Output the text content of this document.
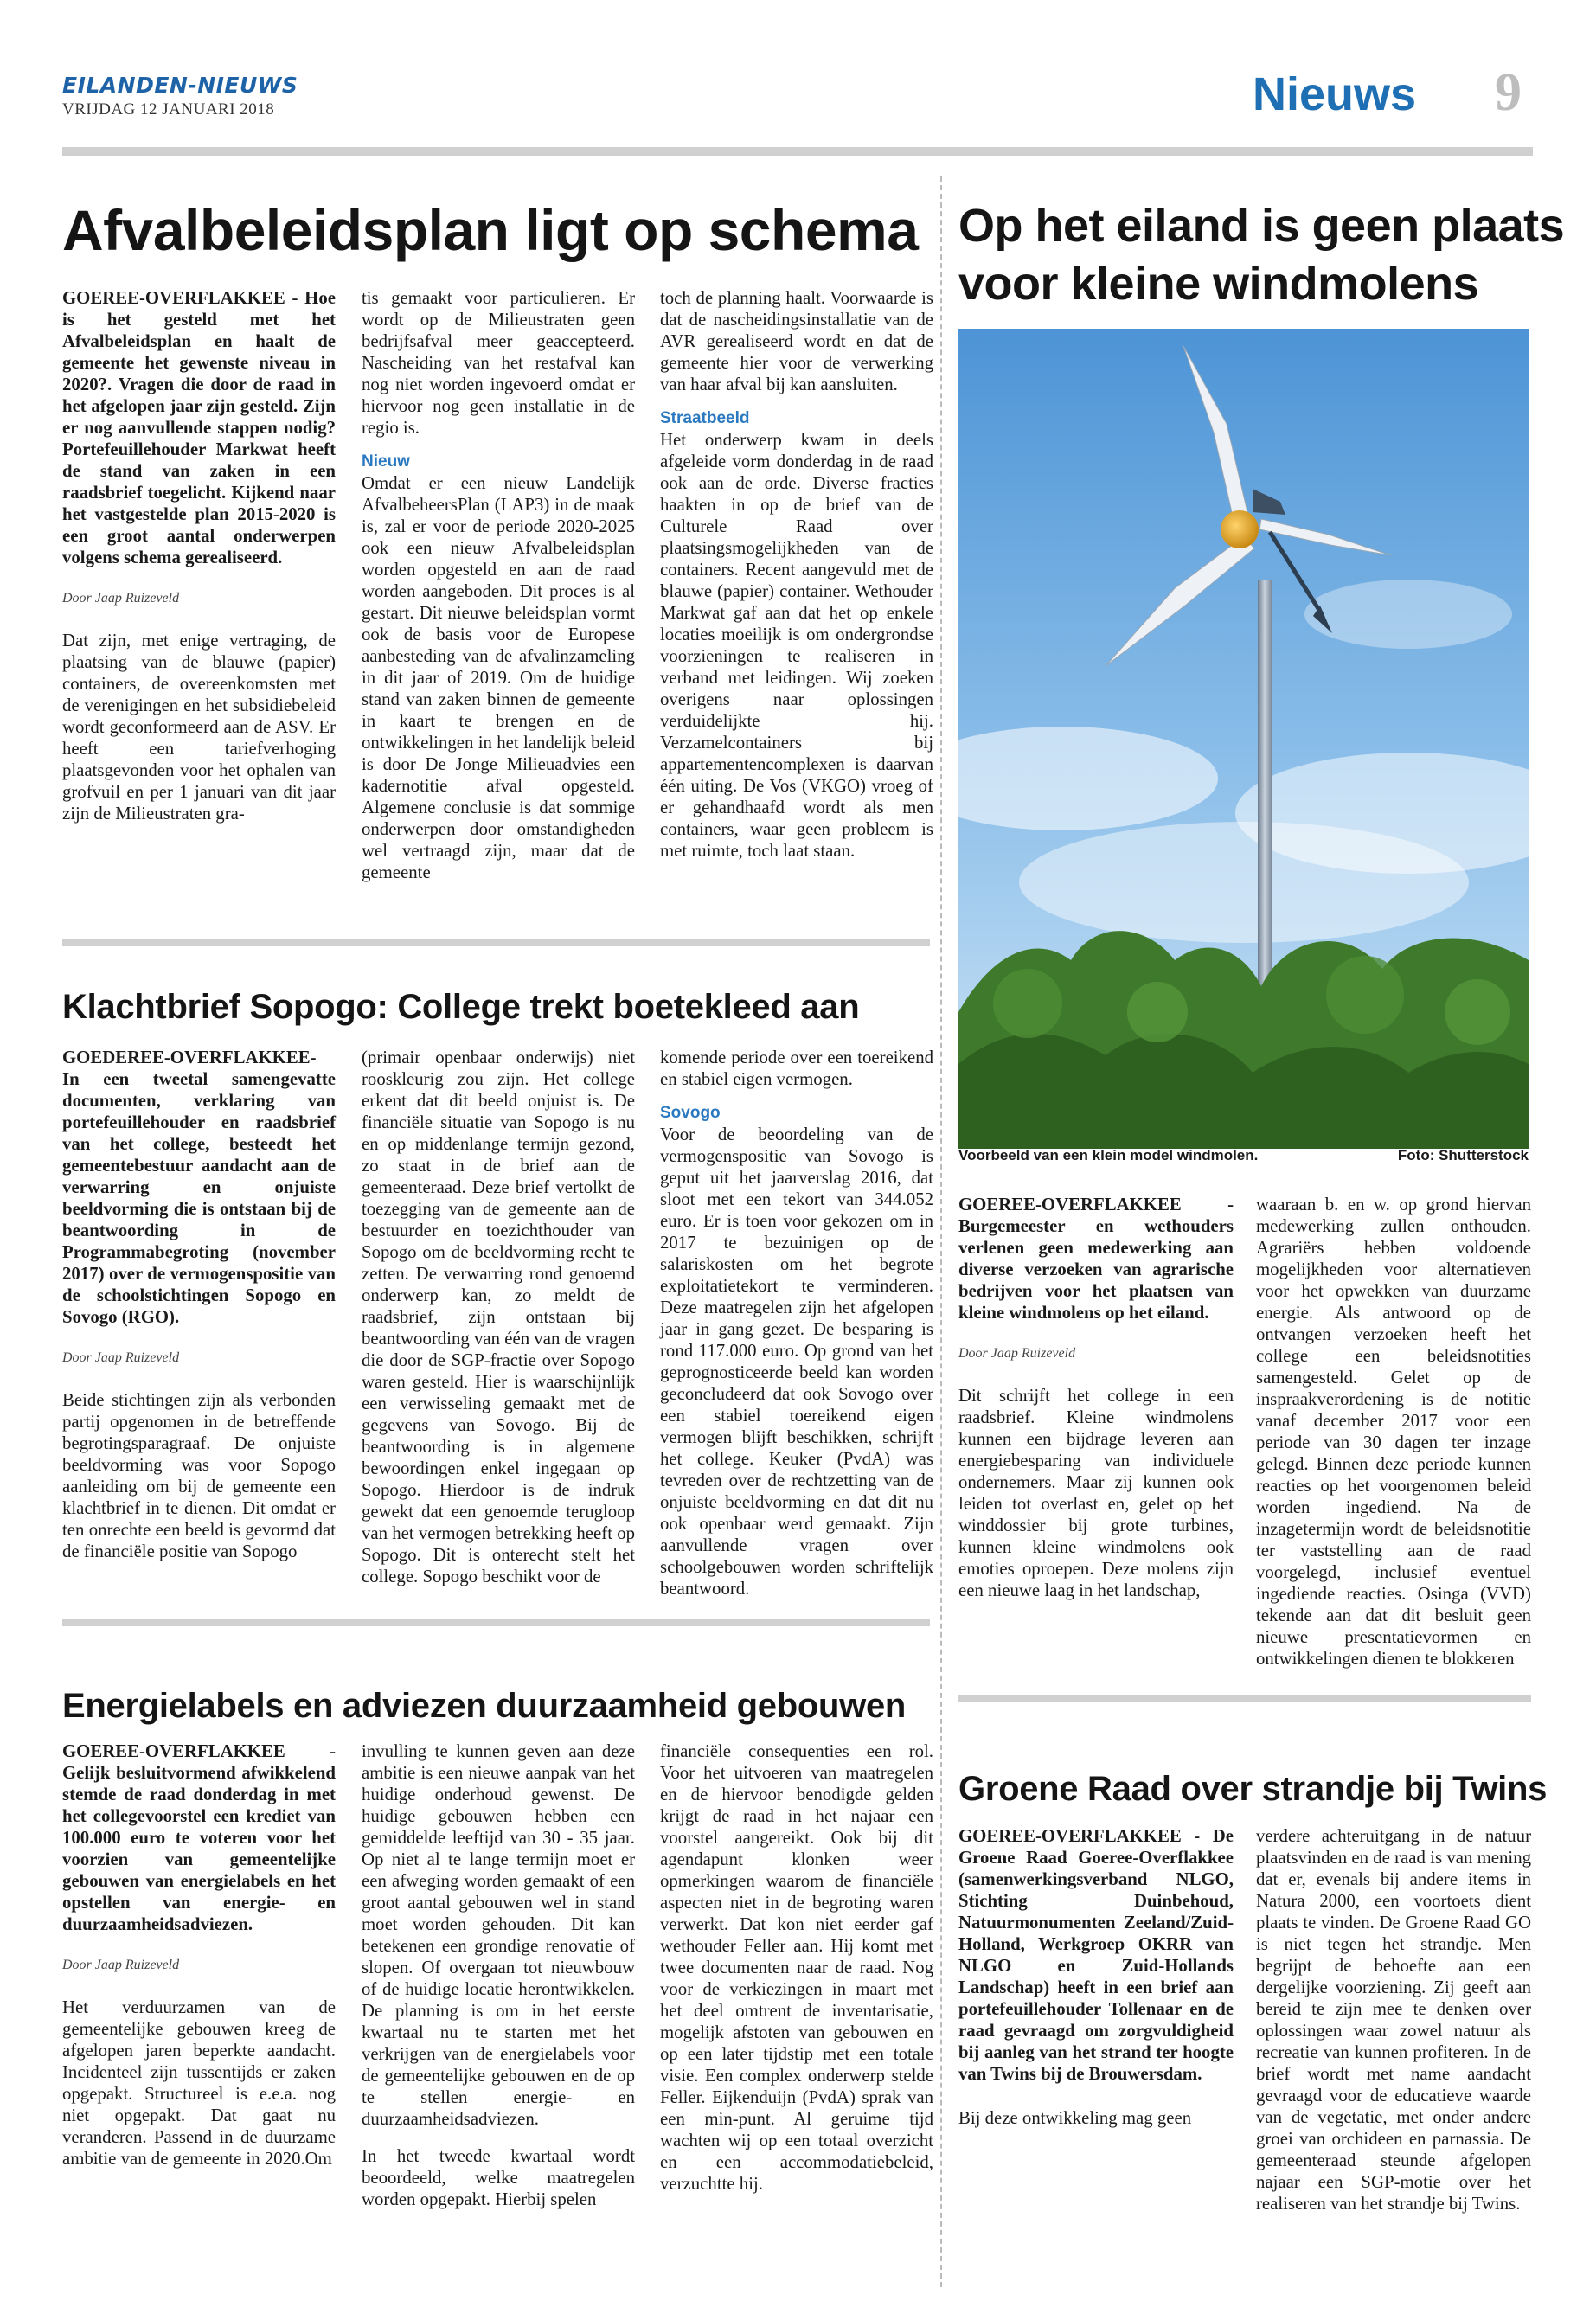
EILANDEN-NIEUWS
VRIJDAG 12 JANUARI 2018	Nieuws 9
Afvalbeleidsplan ligt op schema

GOEREE-OVERFLAKKEE - Hoe is het gesteld met het Afvalbeleidsplan en haalt de gemeente het gewenste niveau in 2020?. Vragen die door de raad in het afgelopen jaar zijn gesteld. Zijn er nog aanvullende stappen nodig? Portefeuillehouder Markwat heeft de stand van zaken in een raadsbrief toegelicht. Kijkend naar het vastgestelde plan 2015-2020 is een groot aantal onderwerpen volgens schema gerealiseerd.

Door Jaap Ruizeveld

Dat zijn, met enige vertraging, de plaatsing van de blauwe (papier) containers, de overeenkomsten met de verenigingen en het subsidiebeleid wordt geconformeerd aan de ASV. Er heeft een tariefverhoging plaatsgevonden voor het ophalen van grofvuil en per 1 januari van dit jaar zijn de Milieustraten gra-

tis gemaakt voor particulieren. Er wordt op de Milieustraten geen bedrijfsafval meer geaccepteerd. Nascheiding van het restafval kan nog niet worden ingevoerd omdat er hiervoor nog geen installatie in de regio is.

Nieuw

Omdat er een nieuw Landelijk AfvalbeheersPlan (LAP3) in de maak is, zal er voor de periode 2020-2025 ook een nieuw Afvalbeleidsplan worden opgesteld en aan de raad worden aangeboden. Dit proces is al gestart. Dit nieuwe beleidsplan vormt ook de basis voor de Europese aanbesteding van de afvalinzameling in dit jaar of 2019. Om de huidige stand van zaken binnen de gemeente in kaart te brengen en de ontwikkelingen in het landelijk beleid is door De Jonge Milieuadvies een kadernotitie afval opgesteld. Algemene conclusie is dat sommige onderwerpen door omstandigheden wel vertraagd zijn, maar dat de gemeente

toch de planning haalt. Voorwaarde is dat de nascheidingsinstallatie van de AVR gerealiseerd wordt en dat de gemeente hier voor de verwerking van haar afval bij kan aansluiten.

Straatbeeld

Het onderwerp kwam in deels afgeleide vorm donderdag in de raad ook aan de orde. Diverse fracties haakten in op de brief van de Culturele Raad over plaatsingsmogelijkheden van de containers. Recent aangevuld met de blauwe (papier) container. Wethouder Markwat gaf aan dat het op enkele locaties moeilijk is om ondergrondse voorzieningen te realiseren in verband met leidingen. Wij zoeken overigens naar oplossingen verduidelijkte hij. Verzamelcontainers bij appartementencomplexen is daarvan één uiting. De Vos (VKGO) vroeg of er gehandhaafd wordt als men containers, waar geen probleem is met ruimte, toch laat staan.

Klachtbrief Sopogo: College trekt boetekleed aan

GOEDEREE-OVERFLAKKEE- In een tweetal samengevatte documenten, verklaring van portefeuillehouder en raadsbrief van het college, besteedt het gemeentebestuur aandacht aan de verwarring en onjuiste beeldvorming die is ontstaan bij de beantwoording in de Programmabegroting (november 2017) over de vermogenspositie van de schoolstichtingen Sopogo en Sovogo (RGO).

Door Jaap Ruizeveld

Beide stichtingen zijn als verbonden partij opgenomen in de betreffende begrotingsparagraaf. De onjuiste beeldvorming was voor Sopogo aanleiding om bij de gemeente een klachtbrief in te dienen. Dit omdat er ten onrechte een beeld is gevormd dat de financiële positie van Sopogo

(primair openbaar onderwijs) niet rooskleurig zou zijn. Het college erkent dat dit beeld onjuist is. De financiële situatie van Sopogo is nu en op middenlange termijn gezond, zo staat in de brief aan de gemeenteraad. Deze brief vertolkt de toezegging van de gemeente aan de bestuurder en toezichthouder van Sopogo om de beeldvorming recht te zetten. De verwarring rond genoemd onderwerp kan, zo meldt de raadsbrief, zijn ontstaan bij beantwoording van één van de vragen die door de SGP-fractie over Sopogo waren gesteld. Hier is waarschijnlijk een verwisseling gemaakt met de gegevens van Sovogo. Bij de beantwoording is in algemene bewoordingen enkel ingegaan op Sopogo. Hierdoor is de indruk gewekt dat een genoemde terugloop van het vermogen betrekking heeft op Sopogo. Dit is onterecht stelt het college. Sopogo beschikt voor de

komende periode over een toereikend en stabiel eigen vermogen.

Sovogo

Voor de beoordeling van de vermogenspositie van Sovogo is geput uit het jaarverslag 2016, dat sloot met een tekort van 344.052 euro. Er is toen voor gekozen om in 2017 te bezuinigen op de salariskosten om het begrote exploitatietekort te verminderen. Deze maatregelen zijn het afgelopen jaar in gang gezet. De besparing is rond 117.000 euro. Op grond van het geprognosticeerde beeld kan worden geconcludeerd dat ook Sovogo over een stabiel toereikend eigen vermogen blijft beschikken, schrijft het college. Keuker (PvdA) was tevreden over de rechtzetting van de onjuiste beeldvorming en dat dit nu ook openbaar werd gemaakt. Zijn aanvullende vragen over schoolgebouwen worden schriftelijk beantwoord.

Energielabels en adviezen duurzaamheid gebouwen

GOEREE-OVERFLAKKEE - Gelijk besluitvormend afwikkelend stemde de raad donderdag in met het collegevoorstel een krediet van 100.000 euro te voteren voor het voorzien van gemeentelijke gebouwen van energielabels en het opstellen van energie- en duurzaamheidsadviezen.

Door Jaap Ruizeveld

Het verduurzamen van de gemeentelijke gebouwen kreeg de afgelopen jaren beperkte aandacht. Incidenteel zijn tussentijds er zaken opgepakt. Structureel is e.e.a. nog niet opgepakt. Dat gaat nu veranderen. Passend in de duurzame ambitie van de gemeente in 2020.Om

invulling te kunnen geven aan deze ambitie is een nieuwe aanpak van het huidige onderhoud gewenst. De huidige gebouwen hebben een gemiddelde leeftijd van 30 - 35 jaar. Op niet al te lange termijn moet er een afweging worden gemaakt of een groot aantal gebouwen wel in stand moet worden gehouden. Dit kan betekenen een grondige renovatie of slopen. Of overgaan tot nieuwbouw of de huidige locatie herontwikkelen. De planning is om in het eerste kwartaal nu te starten met het verkrijgen van de energielabels voor de gemeentelijke gebouwen en de op te stellen energie- en duurzaamheidsadviezen.

In het tweede kwartaal wordt beoordeeld, welke maatregelen worden opgepakt. Hierbij spelen

financiële consequenties een rol. Voor het uitvoeren van maatregelen en de hiervoor benodigde gelden krijgt de raad in het najaar een voorstel aangereikt. Ook bij dit agendapunt klonken weer opmerkingen waarom de financiële aspecten niet in de begroting waren verwerkt. Dat kon niet eerder gaf wethouder Feller aan. Hij komt met twee documenten naar de raad. Nog voor de verkiezingen in maart met het deel omtrent de inventarisatie, mogelijk afstoten van gebouwen en op een later tijdstip met een totale visie. Een complex onderwerp stelde Feller. Eijkenduijn (PvdA) sprak van een min-punt. Al geruime tijd wachten wij op een totaal overzicht en een accommodatiebeleid, verzuchtte hij.

Op het eiland is geen plaats voor kleine windmolens
Voorbeeld van een klein model windmolen.	Foto: Shutterstock

GOEREE-OVERFLAKKEE - Burgemeester en wethouders verlenen geen medewerking aan diverse verzoeken van agrarische bedrijven voor het plaatsen van kleine windmolens op het eiland.

Door Jaap Ruizeveld

Dit schrijft het college in een raadsbrief. Kleine windmolens kunnen een bijdrage leveren aan energiebesparing van individuele ondernemers. Maar zij kunnen ook leiden tot overlast en, gelet op het winddossier bij grote turbines, kunnen kleine windmolens ook emoties oproepen. Deze molens zijn een nieuwe laag in het landschap,

waaraan b. en w. op grond hiervan medewerking zullen onthouden. Agrariërs hebben voldoende mogelijkheden voor alternatieven voor het opwekken van duurzame energie. Als antwoord op de ontvangen verzoeken heeft het college een beleidsnotities samengesteld. Gelet op de inspraakverordening is de notitie vanaf december 2017 voor een periode van 30 dagen ter inzage gelegd. Binnen deze periode kunnen reacties op het voorgenomen beleid worden ingediend. Na de inzagetermijn wordt de beleidsnotitie ter vaststelling aan de raad voorgelegd, inclusief eventuel ingediende reacties. Osinga (VVD) tekende aan dat dit besluit geen nieuwe presentatievormen en ontwikkelingen dienen te blokkeren

Groene Raad over strandje bij Twins

GOEREE-OVERFLAKKEE - De Groene Raad Goeree-Overflakkee (samenwerkingsverband NLGO, Stichting Duinbehoud, Natuurmonumenten Zeeland/Zuid-Holland, Werkgroep OKRR van NLGO en Zuid-Hollands Landschap) heeft in een brief aan portefeuillehouder Tollenaar en de raad gevraagd om zorgvuldigheid bij aanleg van het strand ter hoogte van Twins bij de Brouwersdam.

Bij deze ontwikkeling mag geen

verdere achteruitgang in de natuur plaatsvinden en de raad is van mening dat er, evenals bij andere items in Natura 2000, een voortoets dient plaats te vinden. De Groene Raad GO is niet tegen het strandje. Men begrijpt de behoefte aan een dergelijke voorziening. Zij geeft aan bereid te zijn mee te denken over oplossingen waar zowel natuur als recreatie van kunnen profiteren. In de brief wordt met name aandacht gevraagd voor de educatieve waarde van de vegetatie, met onder andere groei van orchideen en parnassia. De gemeenteraad steunde afgelopen najaar een SGP-motie over het realiseren van het strandje bij Twins.
